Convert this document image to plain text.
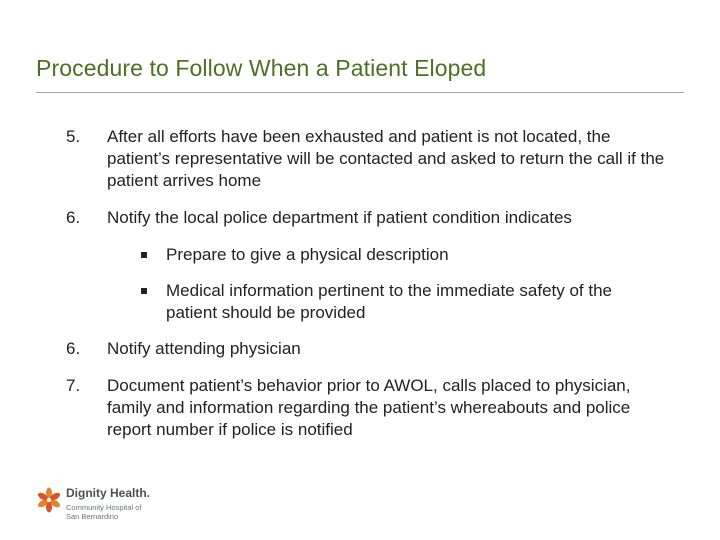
Procedure to Follow When a Patient Eloped
5.	After all efforts have been exhausted and patient is not located, the patient’s representative will be contacted and asked to return the call if the patient arrives home
6.	Notify the local police department if patient condition indicates
Prepare to give a physical description
Medical information pertinent to the immediate safety of the patient should be provided
6.	Notify attending physician
7.	Document patient’s behavior prior to AWOL, calls placed to physician, family and information regarding the patient’s whereabouts and police report number if police is notified
Dignity Health.
Community Hospital of
San Bernardino
